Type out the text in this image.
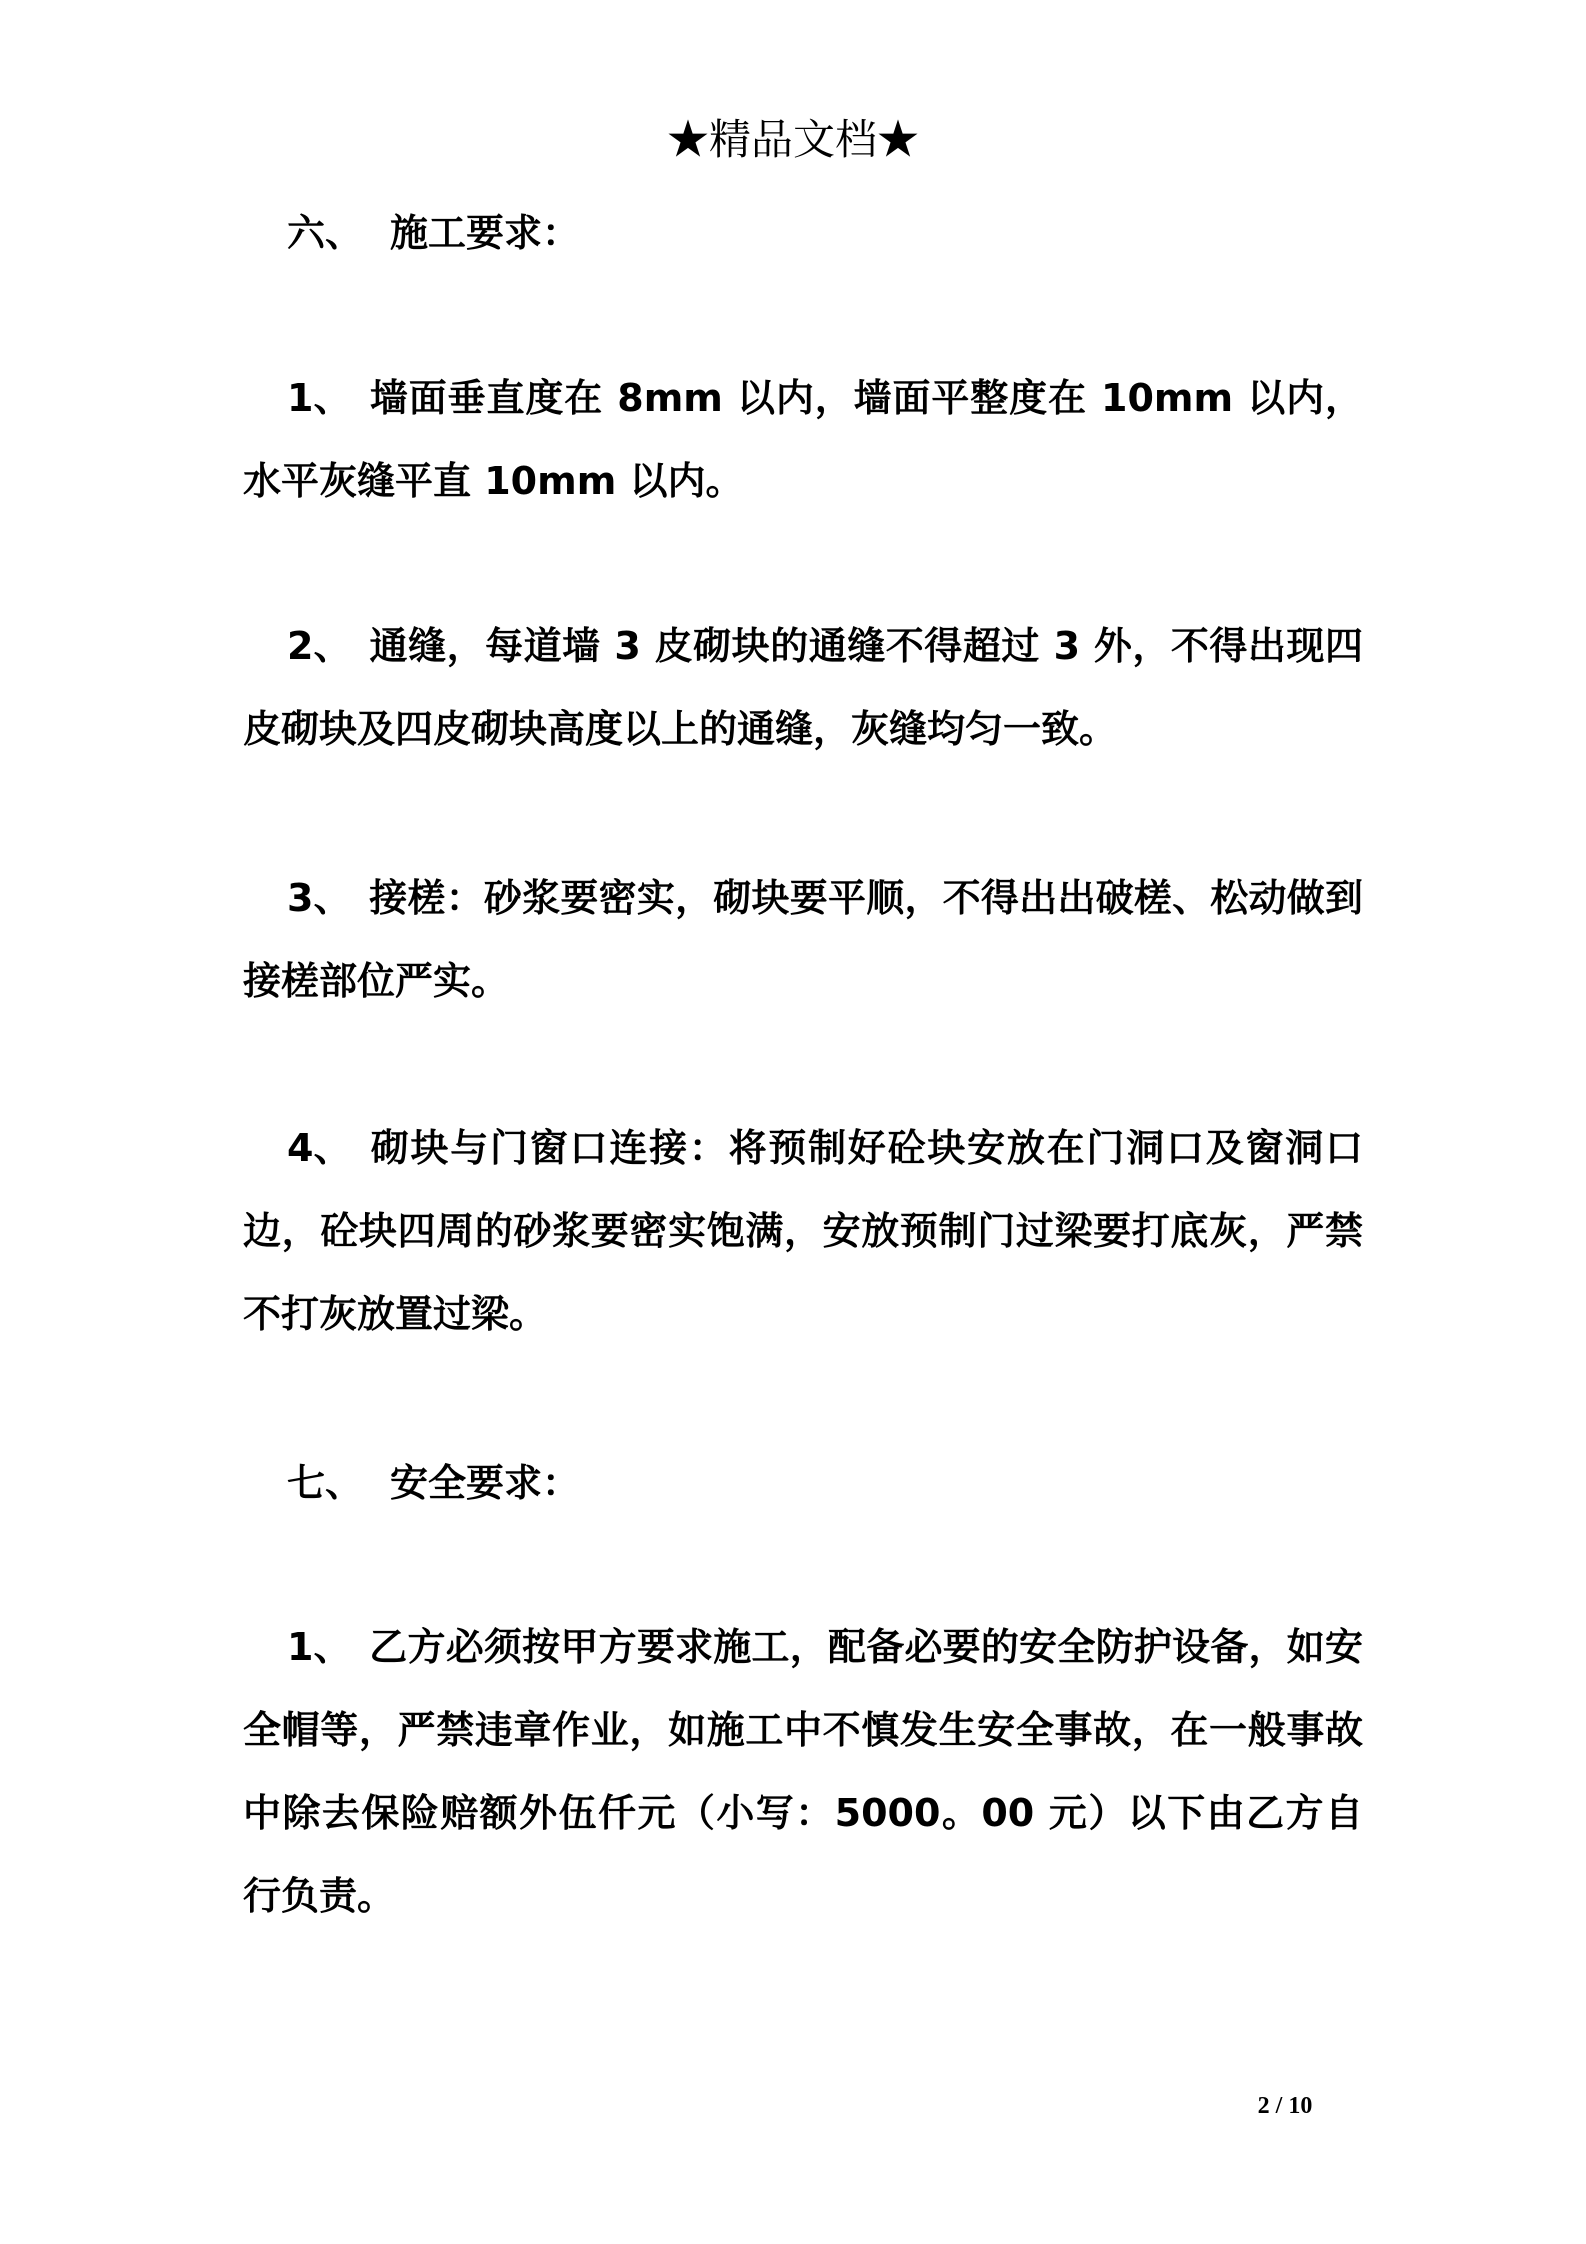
★精品文档★
六、 施工要求：
1、 墙面垂直度在 8mm 以内，墙面平整度在 10mm 以内，水平灰缝平直 10mm 以内。
2、 通缝，每道墙 3 皮砌块的通缝不得超过 3 外，不得出现四皮砌块及四皮砌块高度以上的通缝，灰缝均匀一致。
3、 接槎：砂浆要密实，砌块要平顺，不得出出破槎、松动做到接槎部位严实。
4、 砌块与门窗口连接：将预制好砼块安放在门洞口及窗洞口边，砼块四周的砂浆要密实饱满，安放预制门过梁要打底灰，严禁不打灰放置过梁。
七、 安全要求：
1、 乙方必须按甲方要求施工，配备必要的安全防护设备，如安全帽等，严禁违章作业，如施工中不慎发生安全事故，在一般事故中除去保险赔额外伍仟元（小写：5000。00 元）以下由乙方自行负责。
2 / 10
